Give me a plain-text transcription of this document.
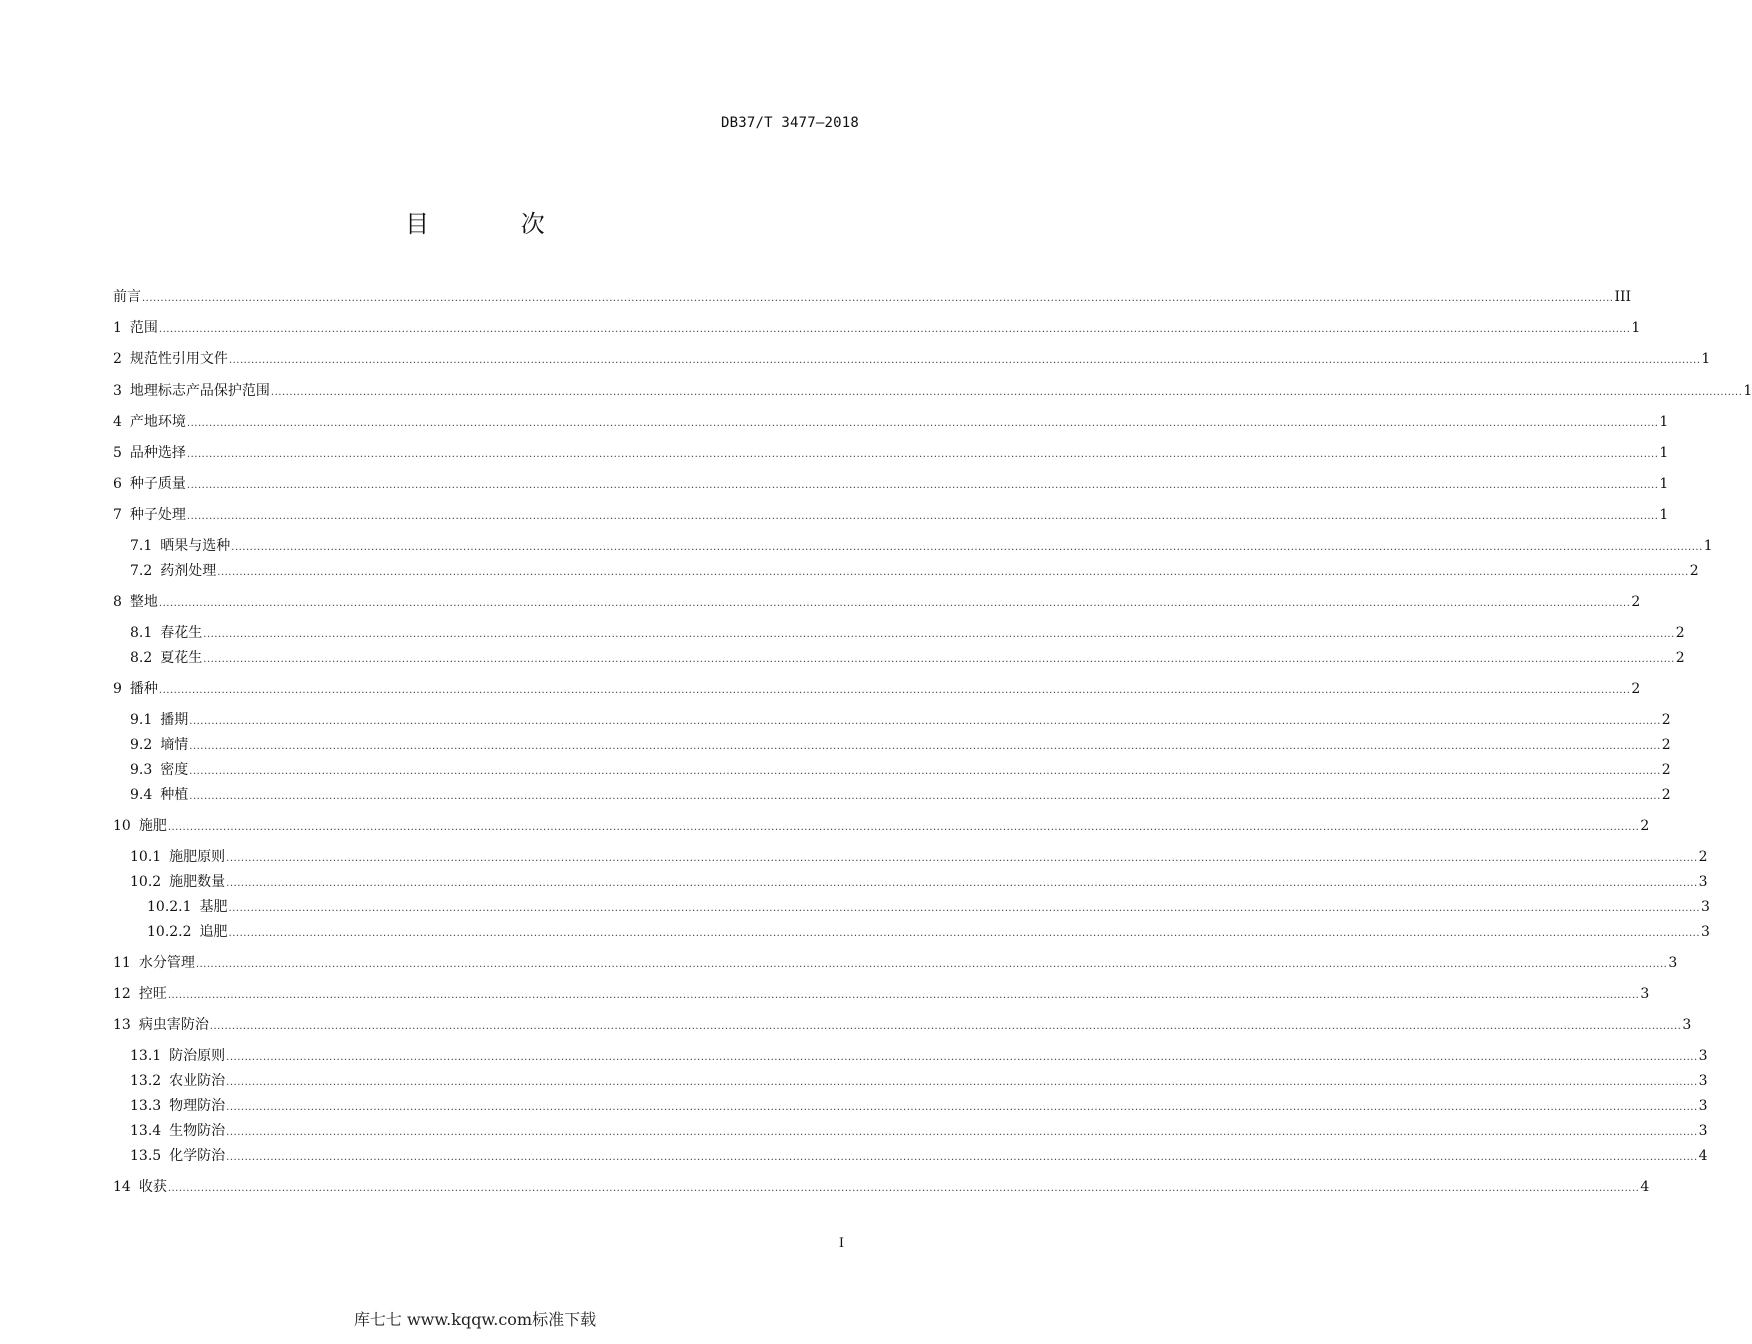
DB37/T 3477—2018
目 次
前言 ................................................................................................................................................................................................................................................................................................................................................................................................................ III
1 范围 ................................................................................................................................................................................................................................................................................................................................................................................................................ 1
2 规范性引用文件 ................................................................................................................................................................................................................................................................................................................................................................................................................ 1
3 地理标志产品保护范围 ................................................................................................................................................................................................................................................................................................................................................................................................................ 1
4 产地环境 ................................................................................................................................................................................................................................................................................................................................................................................................................ 1
5 品种选择 ................................................................................................................................................................................................................................................................................................................................................................................................................ 1
6 种子质量 ................................................................................................................................................................................................................................................................................................................................................................................................................ 1
7 种子处理 ................................................................................................................................................................................................................................................................................................................................................................................................................ 1
7.1 晒果与选种 ................................................................................................................................................................................................................................................................................................................................................................................................................ 1
7.2 药剂处理 ................................................................................................................................................................................................................................................................................................................................................................................................................ 2
8 整地 ................................................................................................................................................................................................................................................................................................................................................................................................................ 2
8.1 春花生 ................................................................................................................................................................................................................................................................................................................................................................................................................ 2
8.2 夏花生 ................................................................................................................................................................................................................................................................................................................................................................................................................ 2
9 播种 ................................................................................................................................................................................................................................................................................................................................................................................................................ 2
9.1 播期 ................................................................................................................................................................................................................................................................................................................................................................................................................ 2
9.2 墒情 ................................................................................................................................................................................................................................................................................................................................................................................................................ 2
9.3 密度 ................................................................................................................................................................................................................................................................................................................................................................................................................ 2
9.4 种植 ................................................................................................................................................................................................................................................................................................................................................................................................................ 2
10 施肥 ................................................................................................................................................................................................................................................................................................................................................................................................................ 2
10.1 施肥原则 ................................................................................................................................................................................................................................................................................................................................................................................................................ 2
10.2 施肥数量 ................................................................................................................................................................................................................................................................................................................................................................................................................ 3
10.2.1 基肥 ................................................................................................................................................................................................................................................................................................................................................................................................................ 3
10.2.2 追肥 ................................................................................................................................................................................................................................................................................................................................................................................................................ 3
11 水分管理 ................................................................................................................................................................................................................................................................................................................................................................................................................ 3
12 控旺 ................................................................................................................................................................................................................................................................................................................................................................................................................ 3
13 病虫害防治 ................................................................................................................................................................................................................................................................................................................................................................................................................ 3
13.1 防治原则 ................................................................................................................................................................................................................................................................................................................................................................................................................ 3
13.2 农业防治 ................................................................................................................................................................................................................................................................................................................................................................................................................ 3
13.3 物理防治 ................................................................................................................................................................................................................................................................................................................................................................................................................ 3
13.4 生物防治 ................................................................................................................................................................................................................................................................................................................................................................................................................ 3
13.5 化学防治 ................................................................................................................................................................................................................................................................................................................................................................................................................ 4
14 收获 ................................................................................................................................................................................................................................................................................................................................................................................................................ 4
I
库七七 www.kqqw.com标准下载
